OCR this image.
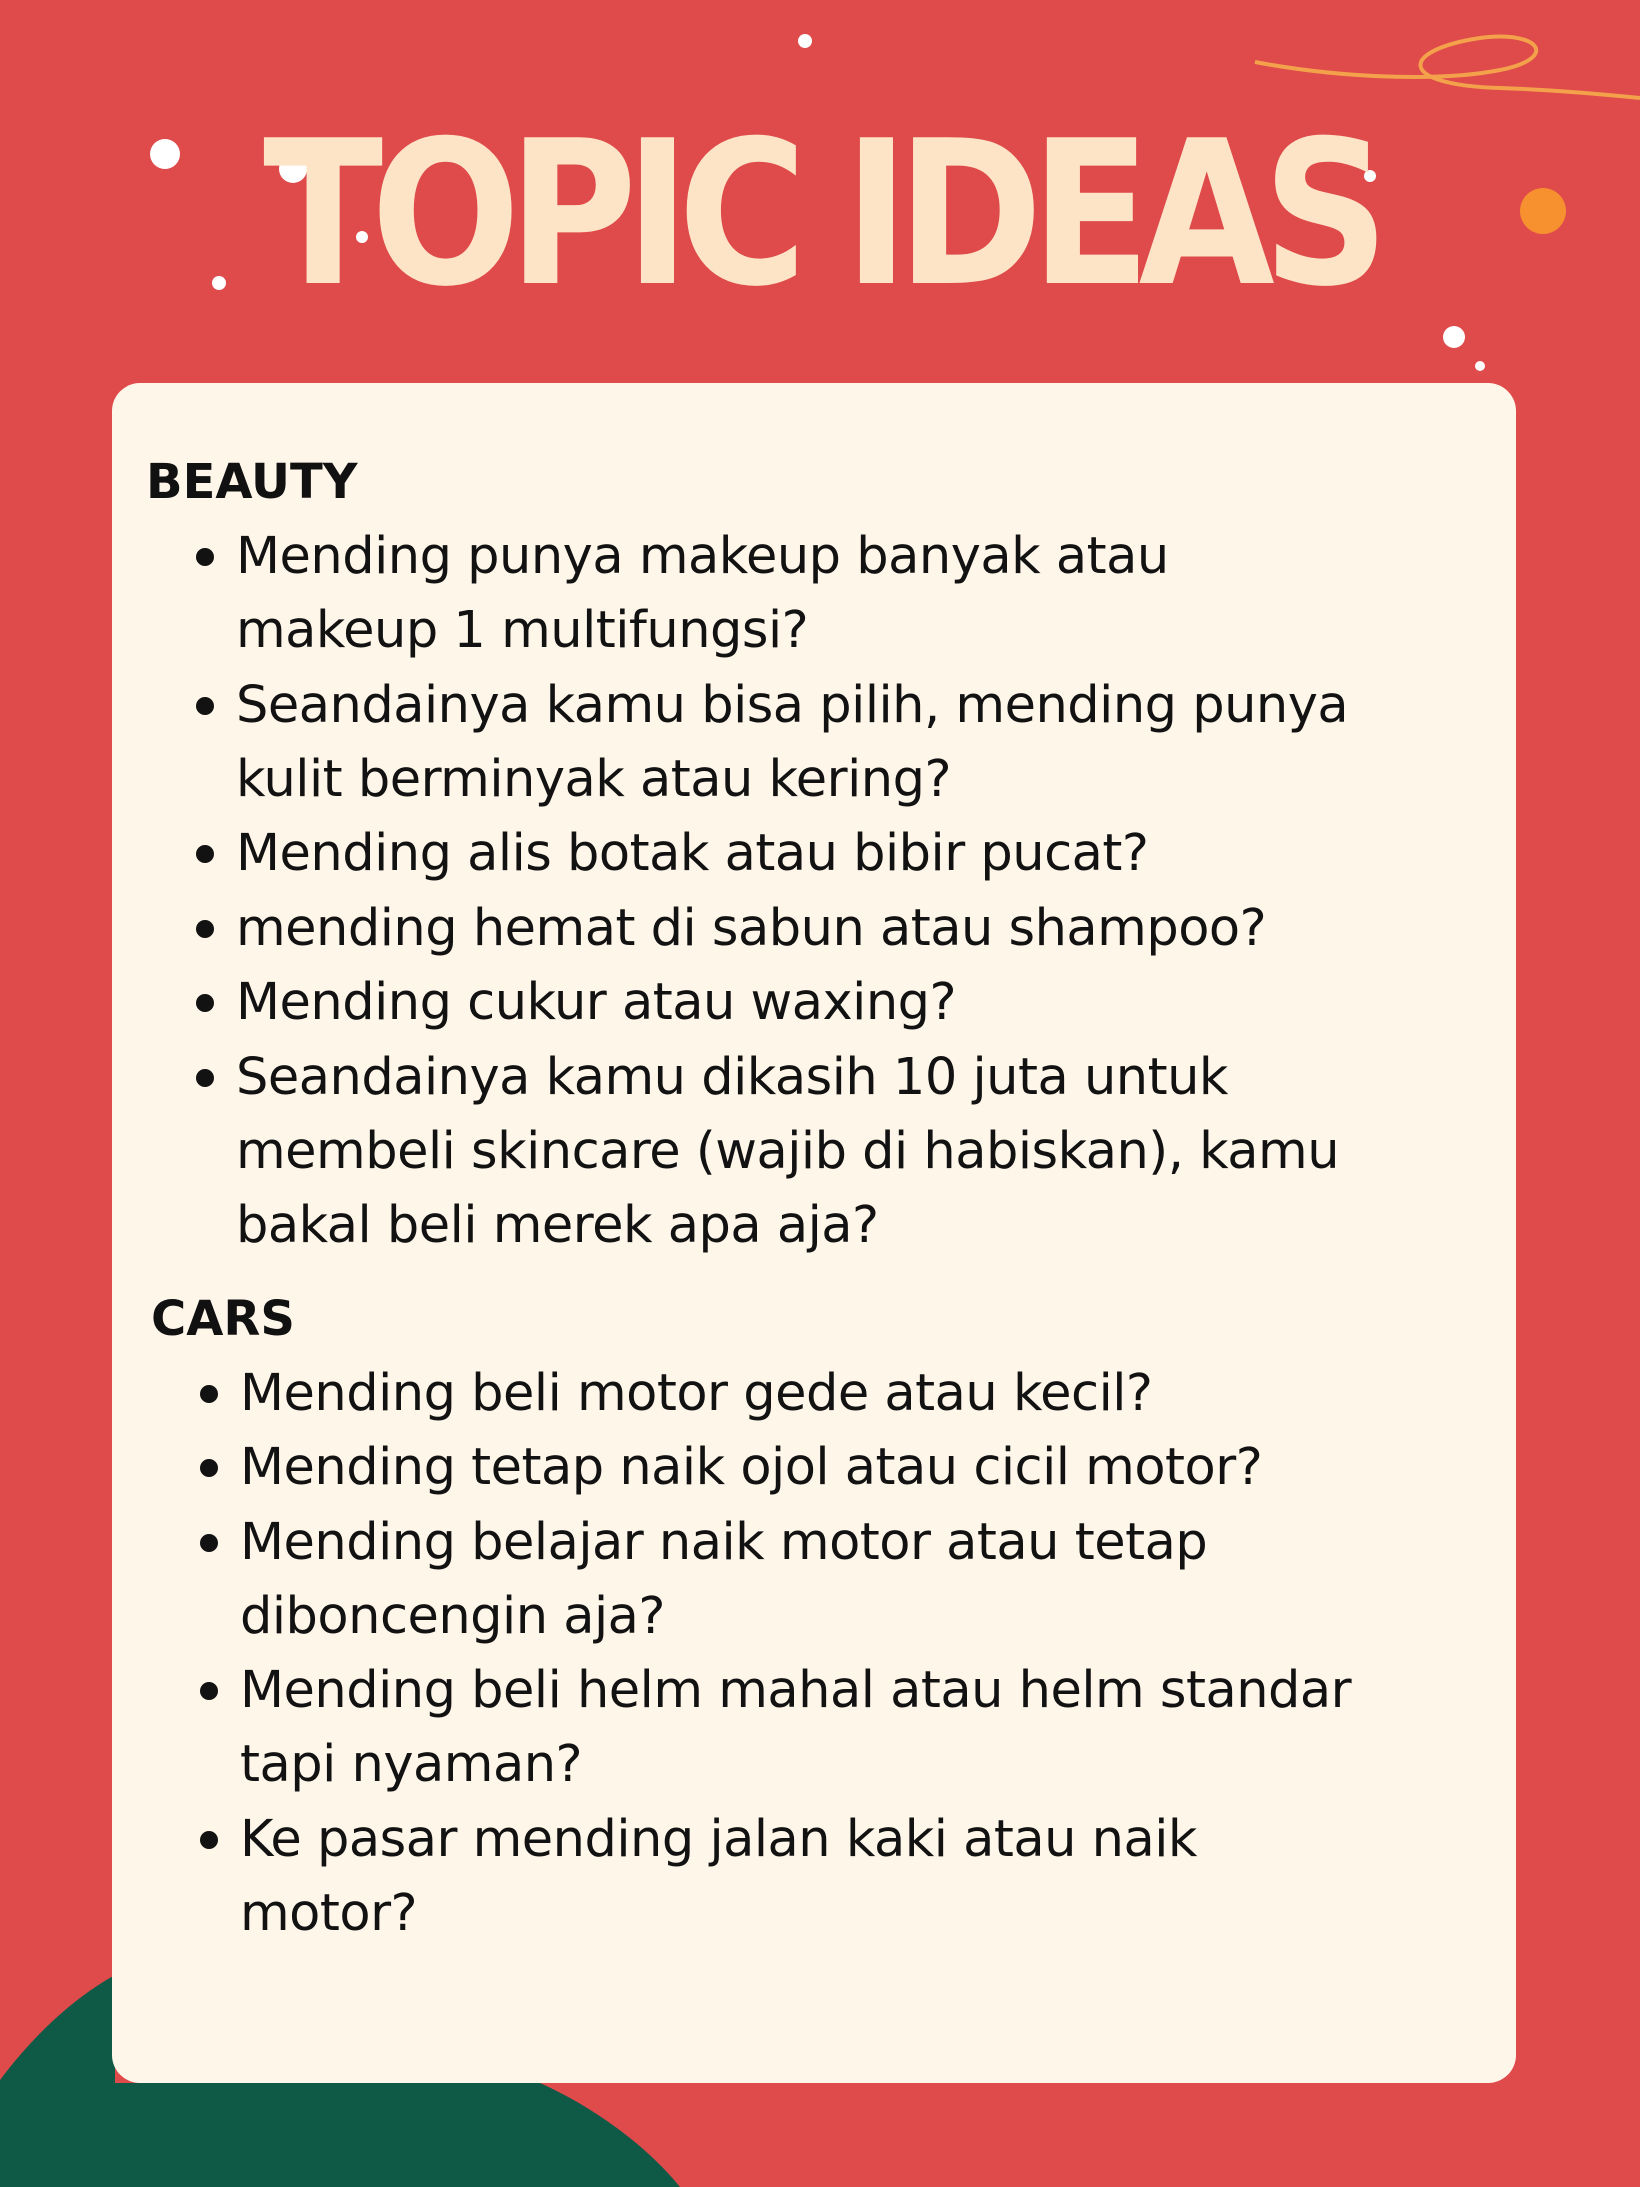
TOPIC IDEAS
BEAUTY
Mending punya makeup banyak atau
makeup 1 multifungsi?
Seandainya kamu bisa pilih, mending punya
kulit berminyak atau kering?
Mending alis botak atau bibir pucat?
mending hemat di sabun atau shampoo?
Mending cukur atau waxing?
Seandainya kamu dikasih 10 juta untuk
membeli skincare (wajib di habiskan), kamu
bakal beli merek apa aja?
CARS
Mending beli motor gede atau kecil?
Mending tetap naik ojol atau cicil motor?
Mending belajar naik motor atau tetap
diboncengin aja?
Mending beli helm mahal atau helm standar
tapi nyaman?
Ke pasar mending jalan kaki atau naik
motor?
